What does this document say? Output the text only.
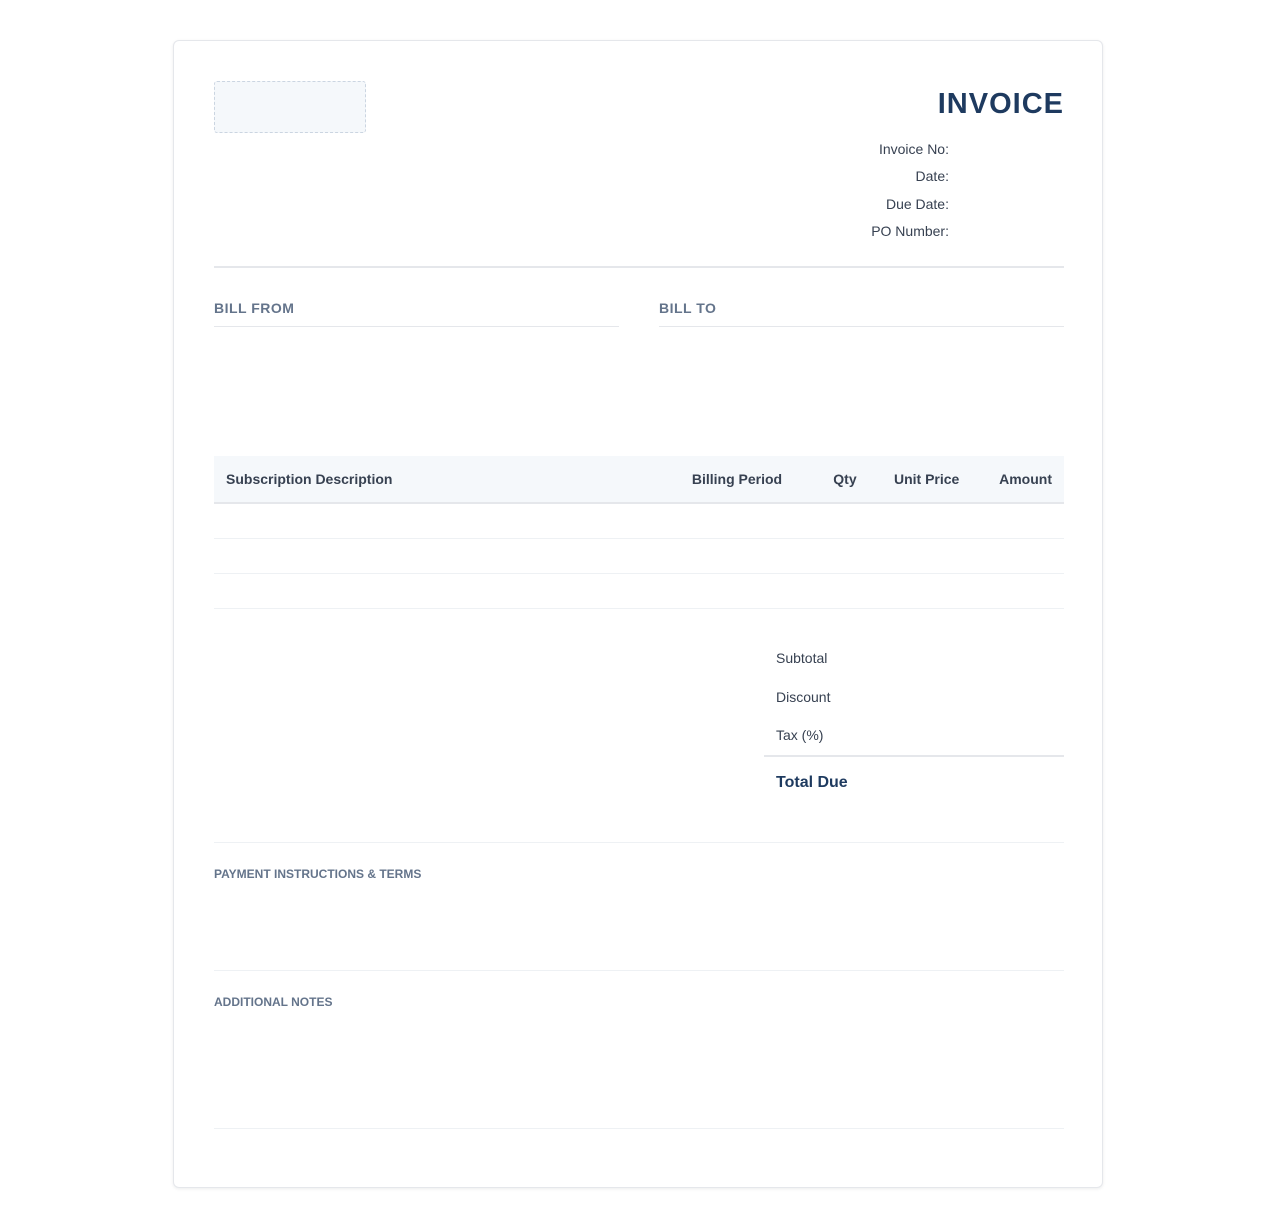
INVOICE
Invoice No:
Date:
Due Date:
PO Number:
BILL FROM	BILL TO
Subscription Description	Billing Period	Qty	Unit Price	Amount

Subtotal
Discount
Tax (%)
Total Due

PAYMENT INSTRUCTIONS & TERMS

ADDITIONAL NOTES
